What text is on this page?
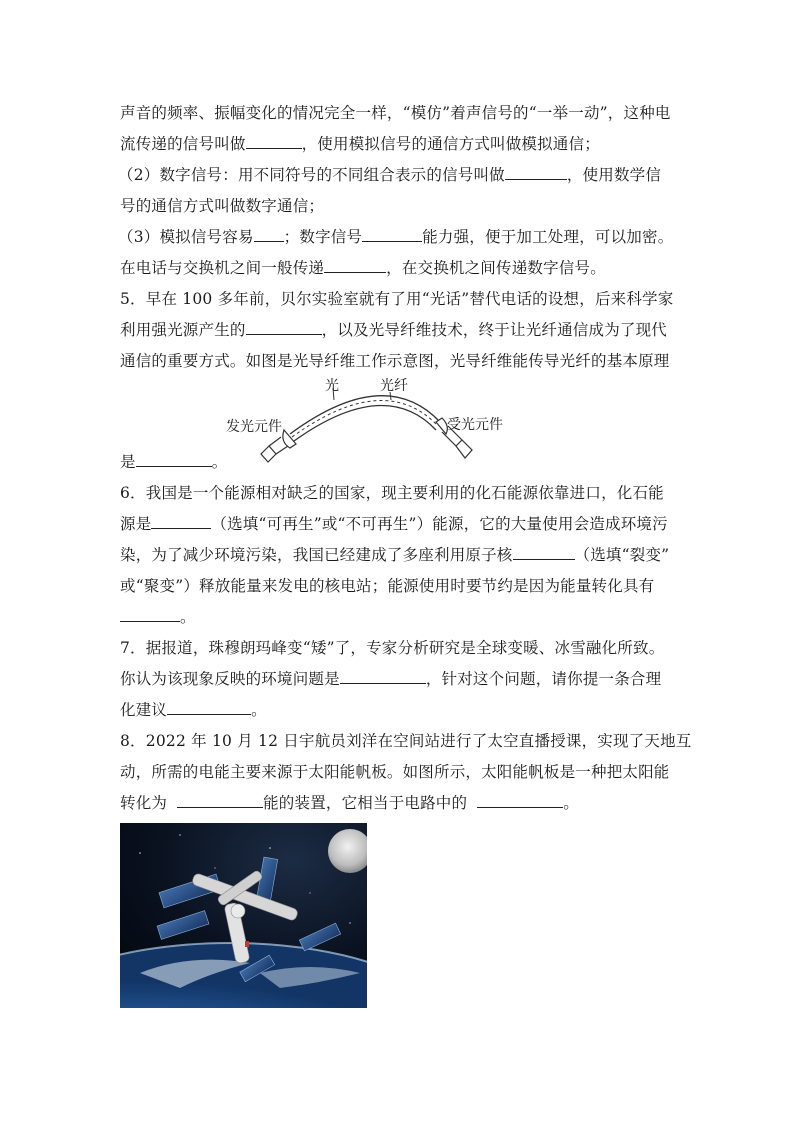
声音的频率、振幅变化的情况完全一样，“模仿”着声信号的“一举一动”，这种电
流传递的信号叫做	，使用模拟信号的通信方式叫做模拟通信；
（2）数字信号：用不同符号的不同组合表示的信号叫做	，使用数学信
号的通信方式叫做数字通信；
（3）模拟信号容易 ；数字信号	能力强，便于加工处理，可以加密。
在电话与交换机之间一般传递	，在交换机之间传递数字信号。
5．早在 100 多年前，贝尔实验室就有了用“光话”替代电话的设想，后来科学家
利用强光源产生的	，以及光导纤维技术，终于让光纤通信成为了现代
通信的重要方式。如图是光导纤维工作示意图，光导纤维能传导光纤的基本原理
光	光纤
发光元件	受光元件
是	。
6．我国是一个能源相对缺乏的国家，现主要利用的化石能源依靠进口，化石能
源是	（选填“可再生”或“不可再生”）能源，它的大量使用会造成环境污
染，为了减少环境污染，我国已经建成了多座利用原子核	（选填“裂变”
或“聚变”）释放能量来发电的核电站；能源使用时要节约是因为能量转化具有
。
7．据报道，珠穆朗玛峰变“矮”了，专家分析研究是全球变暖、冰雪融化所致。
你认为该现象反映的环境问题是	，针对这个问题，请你提一条合理
化建议	。
8．2022 年 10 月 12 日宇航员刘洋在空间站进行了太空直播授课，实现了天地互
动，所需的电能主要来源于太阳能帆板。如图所示，太阳能帆板是一种把太阳能
转化为	能的装置，它相当于电路中的	。
